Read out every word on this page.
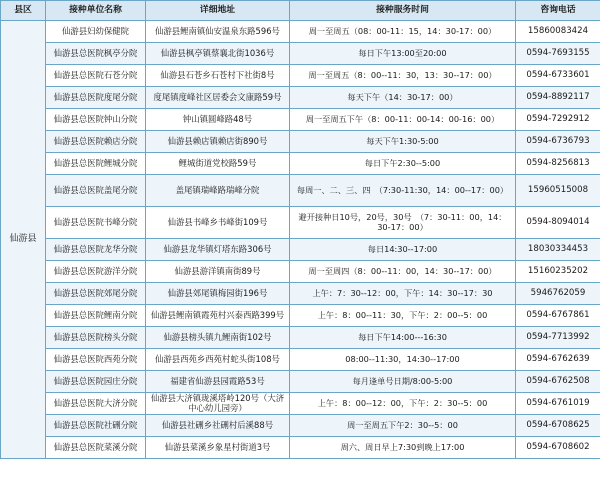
县区	接种单位名称	详细地址	接种服务时间	咨询电话
仙游县	仙游县妇幼保健院	仙游县鲤南镇仙安温泉东路596号	周一至周五（08：00-11：15，14：30-17：00）	15860083424
	仙游县总医院枫亭分院	仙游县枫亭镇蔡襄北街1036号	每日下午13:00至20:00	0594-7693155
	仙游县总医院石苍分院	仙游县石苍乡石苍村下社街8号	周一至周五（8：00--11：30，13：30--17：00）	0594-6733601
	仙游县总医院度尾分院	度尾镇度峰社区居委会文康路59号	每天下午（14：30-17：00）	0594-8892117
	仙游县总医院钟山分院	钟山镇圆峰路48号	周一至周五下午（8：00-11：00-14：00-16：00）	0594-7292912
	仙游县总医院赖店分院	仙游县赖店镇赖店街890号	每天下午1:30-5:00	0594-6736793
	仙游县总医院鲤城分院	鲤城街道党校路59号	每日下午2:30--5:00	0594-8256813
	仙游县总医院盖尾分院	盖尾镇瑞峰路瑞峰分院	每周一、二、三、四　（7:30-11:30，14：00--17：00）	15960515008
	仙游县总医院书峰分院	仙游县书峰乡书峰街109号	避开接种日10号，20号，30号　（7：30-11：00，14：30-17：00）	0594-8094014
	仙游县总医院龙华分院	仙游县龙华镇灯塔东路306号	每日14:30--17:00	18030334453
	仙游县总医院游洋分院	仙游县游洋镇南街89号	周一至周四（8：00--11：00，14：30--17：00）	15160235202
	仙游县总医院郊尾分院	仙游县郊尾镇梅园街196号	上午：7：30--12：00，下午：14：30--17：30	5946762059
	仙游县总医院鲤南分院	仙游县鲤南镇霞苑村兴泰西路399号	上午：8：00--11：30，下午：2：00--5：00	0594-6767861
	仙游县总医院榜头分院	仙游县榜头镇九鲤南街102号	每日下午14:00---16:30	0594-7713992
	仙游县总医院西苑分院	仙游县西苑乡西苑村蛇头街108号	08:00--11:30，14:30--17:00	0594-6762639
	仙游县总医院园庄分院	福建省仙游县园霞路53号	每月逢单号日期/8:00-5:00	0594-6762508
	仙游县总医院大济分院	仙游县大济镇珑溪塔岭120号（大济中心幼儿园旁）	上午：8：00--12：00，下午：2：30--5：00	0594-6761019
	仙游县总医院社硎分院	仙游县社硎乡社硎村后溪88号	周一至周五下午2：30--5：00	0594-6708625
	仙游县总医院菜溪分院	仙游县菜溪乡象星村街道3号	周六、周日早上7:30到晚上17:00	0594-6708602
